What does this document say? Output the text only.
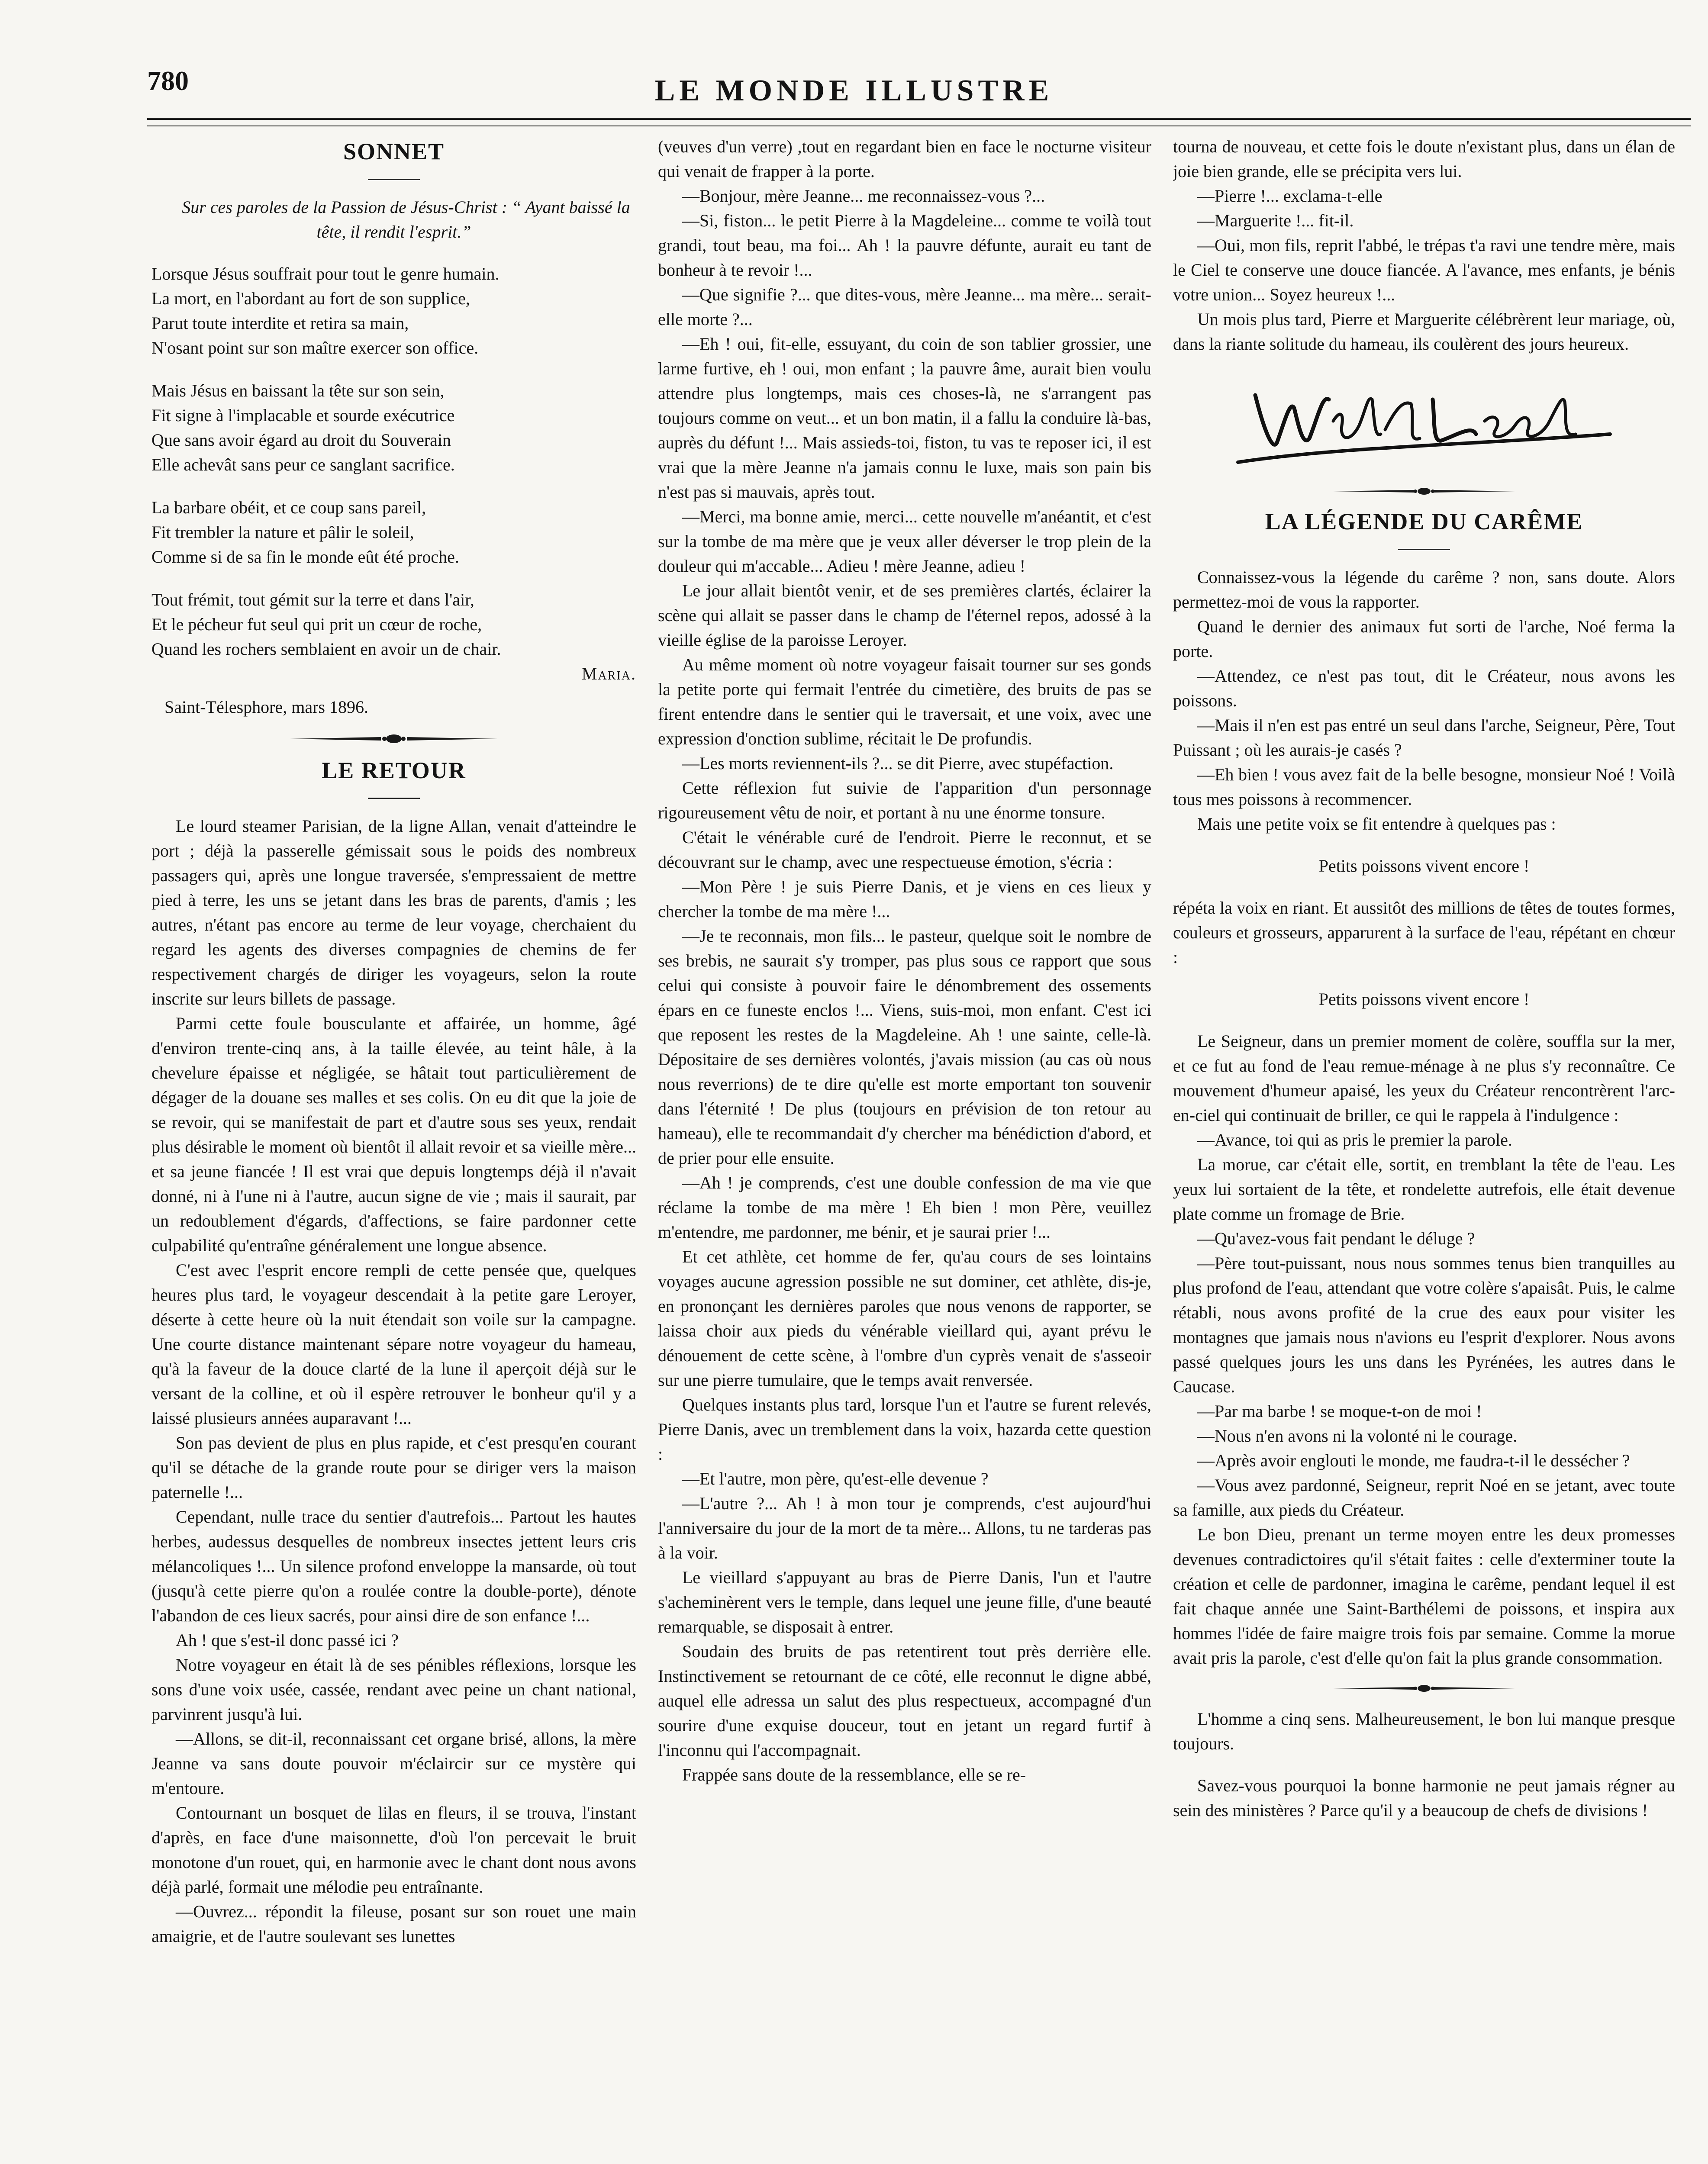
780	LE MONDE ILLUSTRE
SONNET

Sur ces paroles de la Passion de Jésus-Christ : “ Ayant baissé la tête, il rendit l'esprit.”

Lorsque Jésus souffrait pour tout le genre humain.
La mort, en l'abordant au fort de son supplice,
Parut toute interdite et retira sa main,
N'osant point sur son maître exercer son office.
Mais Jésus en baissant la tête sur son sein,
Fit signe à l'implacable et sourde exécutrice
Que sans avoir égard au droit du Souverain
Elle achevât sans peur ce sanglant sacrifice.
La barbare obéit, et ce coup sans pareil,
Fit trembler la nature et pâlir le soleil,
Comme si de sa fin le monde eût été proche.
Tout frémit, tout gémit sur la terre et dans l'air,
Et le pécheur fut seul qui prit un cœur de roche,
Quand les rochers semblaient en avoir un de chair.
Maria.
Saint-Télesphore, mars 1896.
LE RETOUR

Le lourd steamer Parisian, de la ligne Allan, venait d'atteindre le port ; déjà la passerelle gémissait sous le poids des nombreux passagers qui, après une longue traversée, s'empressaient de mettre pied à terre, les uns se jetant dans les bras de parents, d'amis ; les autres, n'étant pas encore au terme de leur voyage, cherchaient du regard les agents des diverses compagnies de chemins de fer respectivement chargés de diriger les voyageurs, selon la route inscrite sur leurs billets de passage.

Parmi cette foule bousculante et affairée, un homme, âgé d'environ trente-cinq ans, à la taille élevée, au teint hâle, à la chevelure épaisse et négligée, se hâtait tout particulièrement de dégager de la douane ses malles et ses colis. On eu dit que la joie de se revoir, qui se manifestait de part et d'autre sous ses yeux, rendait plus désirable le moment où bientôt il allait revoir et sa vieille mère... et sa jeune fiancée ! Il est vrai que depuis longtemps déjà il n'avait donné, ni à l'une ni à l'autre, aucun signe de vie ; mais il saurait, par un redoublement d'égards, d'affections, se faire pardonner cette culpabilité qu'entraîne généralement une longue absence.

C'est avec l'esprit encore rempli de cette pensée que, quelques heures plus tard, le voyageur descendait à la petite gare Leroyer, déserte à cette heure où la nuit étendait son voile sur la campagne. Une courte distance maintenant sépare notre voyageur du hameau, qu'à la faveur de la douce clarté de la lune il aperçoit déjà sur le versant de la colline, et où il espère retrouver le bonheur qu'il y a laissé plusieurs années auparavant !...

Son pas devient de plus en plus rapide, et c'est presqu'en courant qu'il se détache de la grande route pour se diriger vers la maison paternelle !...

Cependant, nulle trace du sentier d'autrefois... Partout les hautes herbes, audessus desquelles de nombreux insectes jettent leurs cris mélancoliques !... Un silence profond enveloppe la mansarde, où tout (jusqu'à cette pierre qu'on a roulée contre la double-porte), dénote l'abandon de ces lieux sacrés, pour ainsi dire de son enfance !...

Ah ! que s'est-il donc passé ici ?

Notre voyageur en était là de ses pénibles réflexions, lorsque les sons d'une voix usée, cassée, rendant avec peine un chant national, parvinrent jusqu'à lui.

—Allons, se dit-il, reconnaissant cet organe brisé, allons, la mère Jeanne va sans doute pouvoir m'éclaircir sur ce mystère qui m'entoure.

Contournant un bosquet de lilas en fleurs, il se trouva, l'instant d'après, en face d'une maisonnette, d'où l'on percevait le bruit monotone d'un rouet, qui, en harmonie avec le chant dont nous avons déjà parlé, formait une mélodie peu entraînante.

—Ouvrez... répondit la fileuse, posant sur son rouet une main amaigrie, et de l'autre soulevant ses lunettes

(veuves d'un verre) ,tout en regardant bien en face le nocturne visiteur qui venait de frapper à la porte.

—Bonjour, mère Jeanne... me reconnaissez-vous ?...

—Si, fiston... le petit Pierre à la Magdeleine... comme te voilà tout grandi, tout beau, ma foi... Ah ! la pauvre défunte, aurait eu tant de bonheur à te revoir !...

—Que signifie ?... que dites-vous, mère Jeanne... ma mère... serait-elle morte ?...

—Eh ! oui, fit-elle, essuyant, du coin de son tablier grossier, une larme furtive, eh ! oui, mon enfant ; la pauvre âme, aurait bien voulu attendre plus longtemps, mais ces choses-là, ne s'arrangent pas toujours comme on veut... et un bon matin, il a fallu la conduire là-bas, auprès du défunt !... Mais assieds-toi, fiston, tu vas te reposer ici, il est vrai que la mère Jeanne n'a jamais connu le luxe, mais son pain bis n'est pas si mauvais, après tout.

—Merci, ma bonne amie, merci... cette nouvelle m'anéantit, et c'est sur la tombe de ma mère que je veux aller déverser le trop plein de la douleur qui m'accable... Adieu ! mère Jeanne, adieu !

Le jour allait bientôt venir, et de ses premières clartés, éclairer la scène qui allait se passer dans le champ de l'éternel repos, adossé à la vieille église de la paroisse Leroyer.

Au même moment où notre voyageur faisait tourner sur ses gonds la petite porte qui fermait l'entrée du cimetière, des bruits de pas se firent entendre dans le sentier qui le traversait, et une voix, avec une expression d'onction sublime, récitait le De profundis.

—Les morts reviennent-ils ?... se dit Pierre, avec stupéfaction.

Cette réflexion fut suivie de l'apparition d'un personnage rigoureusement vêtu de noir, et portant à nu une énorme tonsure.

C'était le vénérable curé de l'endroit. Pierre le reconnut, et se découvrant sur le champ, avec une respectueuse émotion, s'écria :

—Mon Père ! je suis Pierre Danis, et je viens en ces lieux y chercher la tombe de ma mère !...

—Je te reconnais, mon fils... le pasteur, quelque soit le nombre de ses brebis, ne saurait s'y tromper, pas plus sous ce rapport que sous celui qui consiste à pouvoir faire le dénombrement des ossements épars en ce funeste enclos !... Viens, suis-moi, mon enfant. C'est ici que reposent les restes de la Magdeleine. Ah ! une sainte, celle-là. Dépositaire de ses dernières volontés, j'avais mission (au cas où nous nous reverrions) de te dire qu'elle est morte emportant ton souvenir dans l'éternité ! De plus (toujours en prévision de ton retour au hameau), elle te recommandait d'y chercher ma bénédiction d'abord, et de prier pour elle ensuite.

—Ah ! je comprends, c'est une double confession de ma vie que réclame la tombe de ma mère ! Eh bien ! mon Père, veuillez m'entendre, me pardonner, me bénir, et je saurai prier !...

Et cet athlète, cet homme de fer, qu'au cours de ses lointains voyages aucune agression possible ne sut dominer, cet athlète, dis-je, en prononçant les dernières paroles que nous venons de rapporter, se laissa choir aux pieds du vénérable vieillard qui, ayant prévu le dénouement de cette scène, à l'ombre d'un cyprès venait de s'asseoir sur une pierre tumulaire, que le temps avait renversée.

Quelques instants plus tard, lorsque l'un et l'autre se furent relevés, Pierre Danis, avec un tremblement dans la voix, hazarda cette question :

—Et l'autre, mon père, qu'est-elle devenue ?

—L'autre ?... Ah ! à mon tour je comprends, c'est aujourd'hui l'anniversaire du jour de la mort de ta mère... Allons, tu ne tarderas pas à la voir.

Le vieillard s'appuyant au bras de Pierre Danis, l'un et l'autre s'acheminèrent vers le temple, dans lequel une jeune fille, d'une beauté remarquable, se disposait à entrer.

Soudain des bruits de pas retentirent tout près derrière elle. Instinctivement se retournant de ce côté, elle reconnut le digne abbé, auquel elle adressa un salut des plus respectueux, accompagné d'un sourire d'une exquise douceur, tout en jetant un regard furtif à l'inconnu qui l'accompagnait.

Frappée sans doute de la ressemblance, elle se re-

tourna de nouveau, et cette fois le doute n'existant plus, dans un élan de joie bien grande, elle se précipita vers lui.

—Pierre !... exclama-t-elle

—Marguerite !... fit-il.

—Oui, mon fils, reprit l'abbé, le trépas t'a ravi une tendre mère, mais le Ciel te conserve une douce fiancée. A l'avance, mes enfants, je bénis votre union... Soyez heureux !...

Un mois plus tard, Pierre et Marguerite célébrèrent leur mariage, où, dans la riante solitude du hameau, ils coulèrent des jours heureux.

LA LÉGENDE DU CARÊME

Connaissez-vous la légende du carême ? non, sans doute. Alors permettez-moi de vous la rapporter.

Quand le dernier des animaux fut sorti de l'arche, Noé ferma la porte.

—Attendez, ce n'est pas tout, dit le Créateur, nous avons les poissons.

—Mais il n'en est pas entré un seul dans l'arche, Seigneur, Père, Tout Puissant ; où les aurais-je casés ?

—Eh bien ! vous avez fait de la belle besogne, monsieur Noé ! Voilà tous mes poissons à recommencer.

Mais une petite voix se fit entendre à quelques pas :

Petits poissons vivent encore !

répéta la voix en riant. Et aussitôt des millions de têtes de toutes formes, couleurs et grosseurs, apparurent à la surface de l'eau, répétant en chœur :

Petits poissons vivent encore !

Le Seigneur, dans un premier moment de colère, souffla sur la mer, et ce fut au fond de l'eau remue-ménage à ne plus s'y reconnaître. Ce mouvement d'humeur apaisé, les yeux du Créateur rencontrèrent l'arc-en-ciel qui continuait de briller, ce qui le rappela à l'indulgence :

—Avance, toi qui as pris le premier la parole.

La morue, car c'était elle, sortit, en tremblant la tête de l'eau. Les yeux lui sortaient de la tête, et rondelette autrefois, elle était devenue plate comme un fromage de Brie.

—Qu'avez-vous fait pendant le déluge ?

—Père tout-puissant, nous nous sommes tenus bien tranquilles au plus profond de l'eau, attendant que votre colère s'apaisât. Puis, le calme rétabli, nous avons profité de la crue des eaux pour visiter les montagnes que jamais nous n'avions eu l'esprit d'explorer. Nous avons passé quelques jours les uns dans les Pyrénées, les autres dans le Caucase.

—Par ma barbe ! se moque-t-on de moi !

—Nous n'en avons ni la volonté ni le courage.

—Après avoir englouti le monde, me faudra-t-il le dessécher ?

—Vous avez pardonné, Seigneur, reprit Noé en se jetant, avec toute sa famille, aux pieds du Créateur.

Le bon Dieu, prenant un terme moyen entre les deux promesses devenues contradictoires qu'il s'était faites : celle d'exterminer toute la création et celle de pardonner, imagina le carême, pendant lequel il est fait chaque année une Saint-Barthélemi de poissons, et inspira aux hommes l'idée de faire maigre trois fois par semaine. Comme la morue avait pris la parole, c'est d'elle qu'on fait la plus grande consommation.

L'homme a cinq sens. Malheureusement, le bon lui manque presque toujours.

Savez-vous pourquoi la bonne harmonie ne peut jamais régner au sein des ministères ? Parce qu'il y a beaucoup de chefs de divisions !
